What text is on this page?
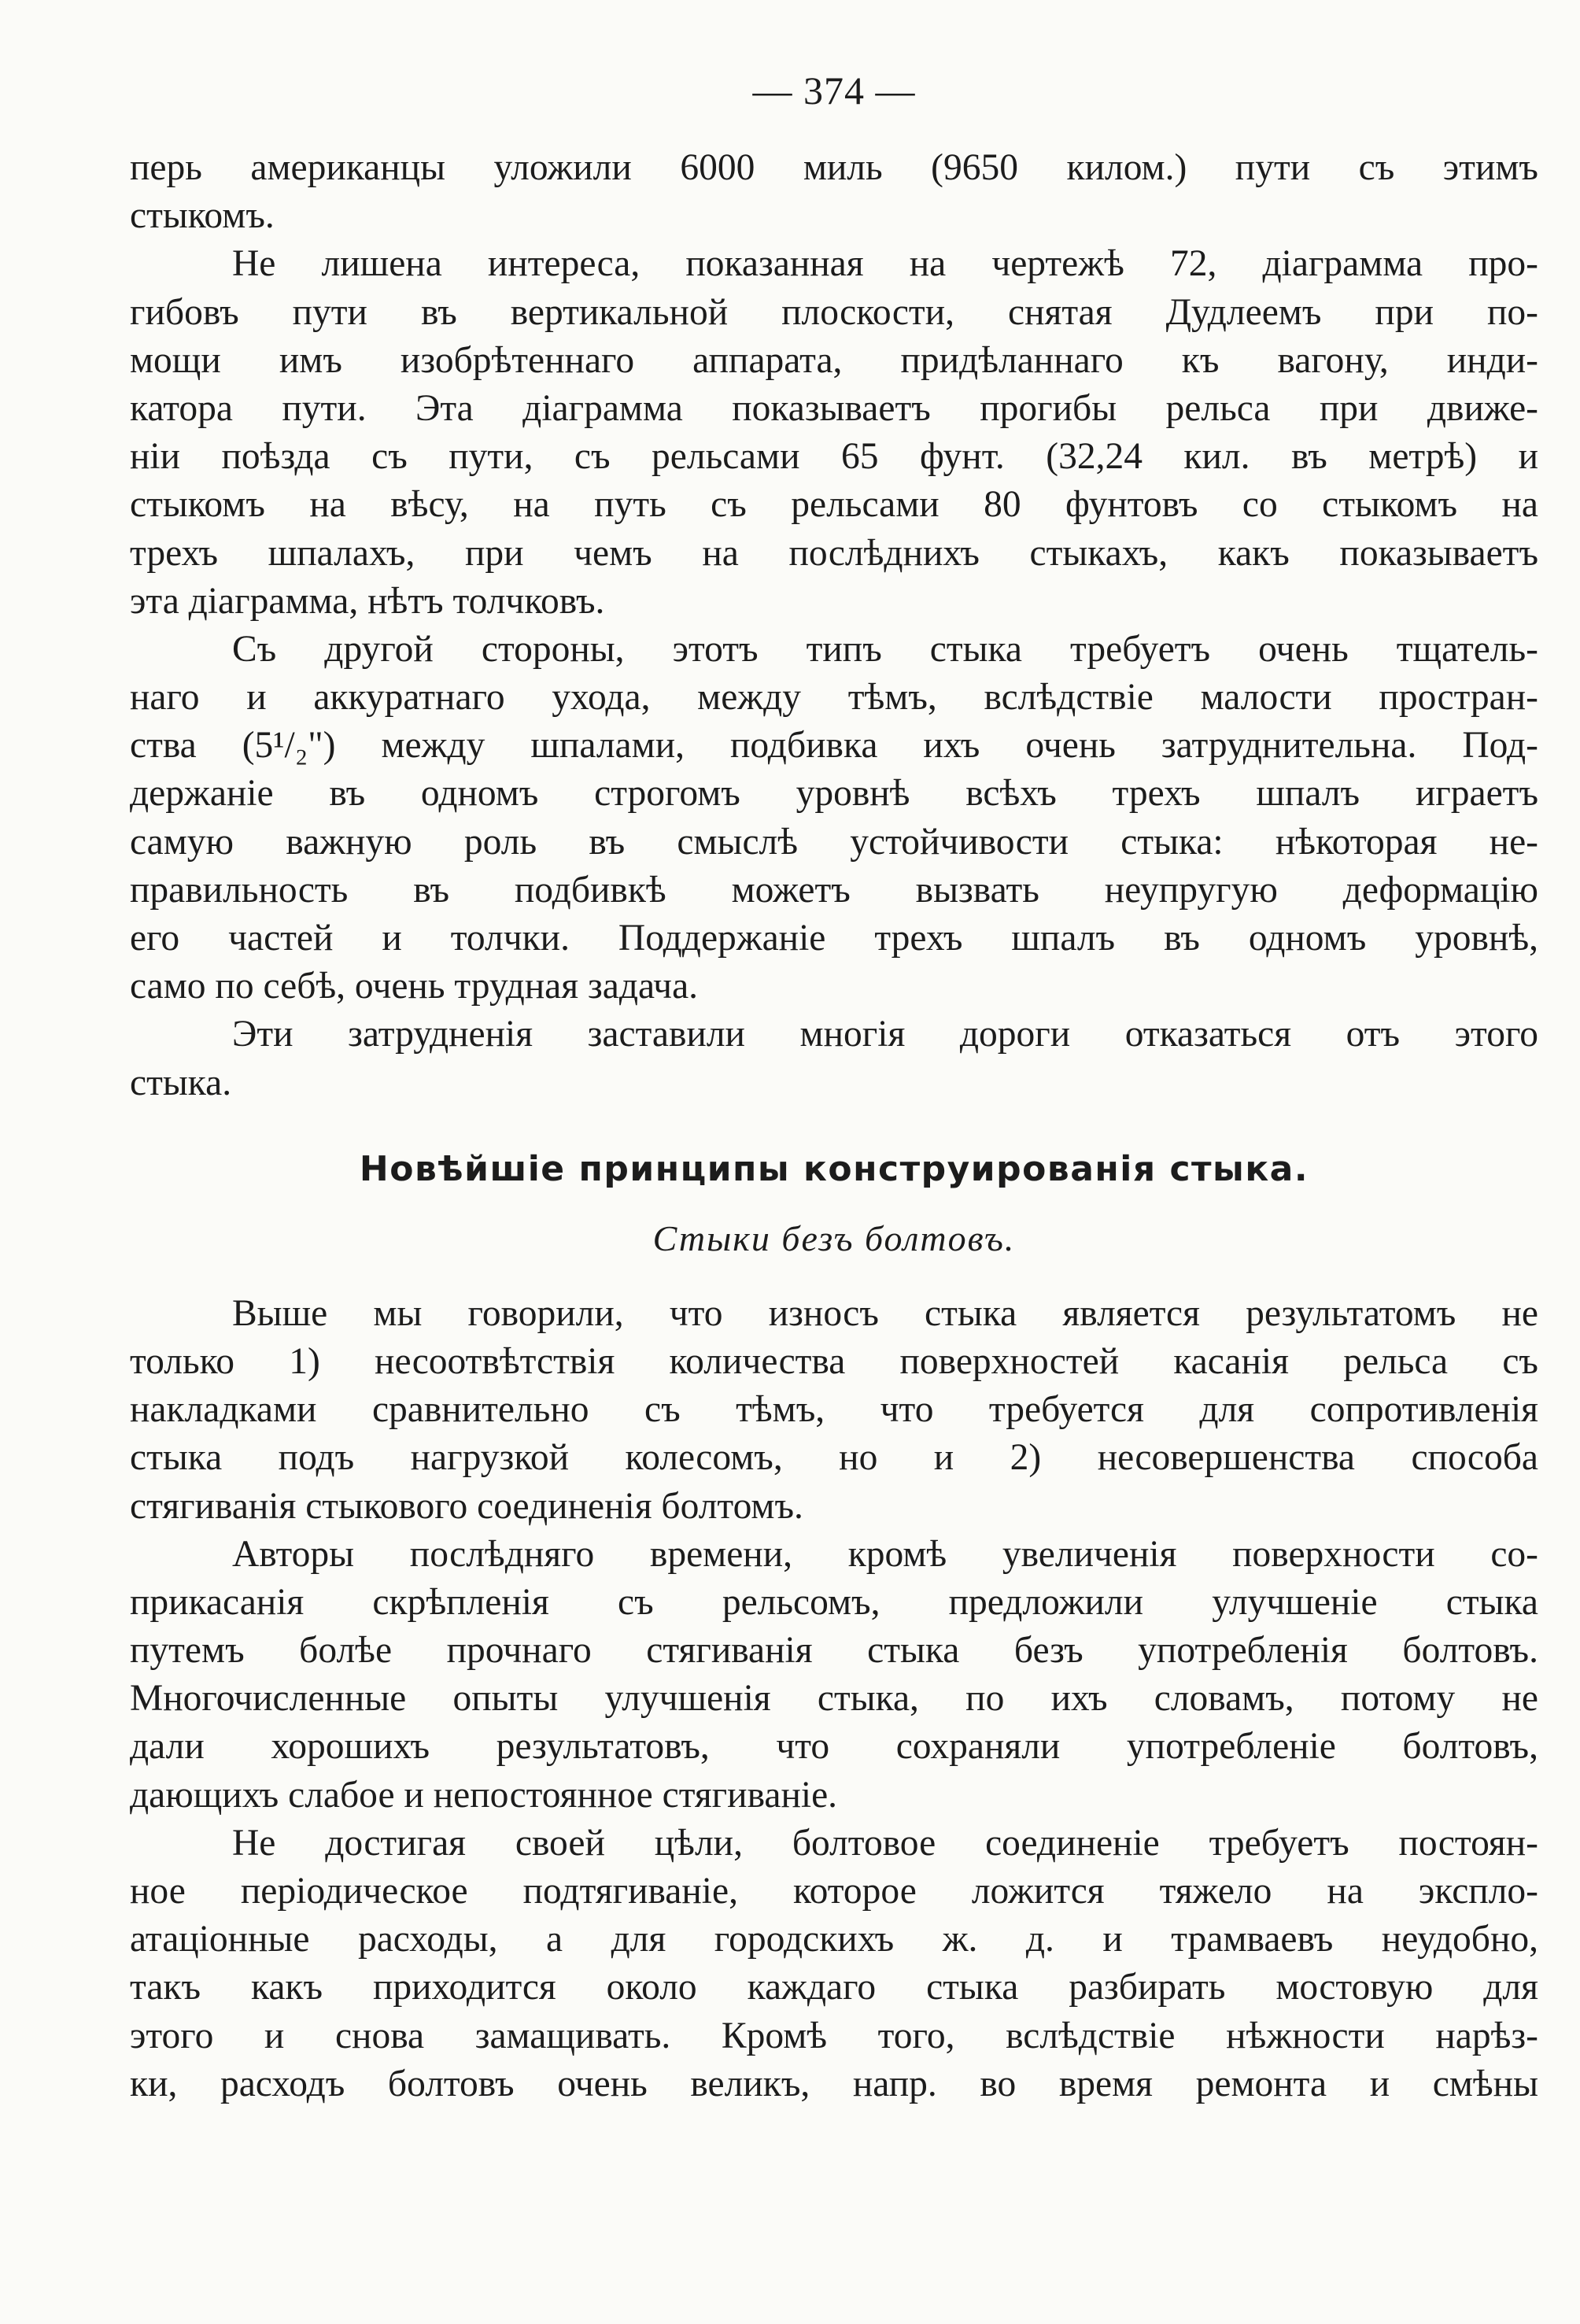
— 374 —
перь американцы уложили 6000 миль (9650 килом.) пути съ этимъ
стыкомъ.
Не лишена интереса, показанная на чертежѣ 72, діаграмма про-
гибовъ пути въ вертикальной плоскости, снятая Дудлеемъ при по-
мощи имъ изобрѣтеннаго аппарата, придѣланнаго къ вагону, инди-
катора пути. Эта діаграмма показываетъ прогибы рельса при движе-
ніи поѣзда съ пути, съ рельсами 65 фунт. (32,24 кил. въ метрѣ) и
стыкомъ на вѣсу, на путь съ рельсами 80 фунтовъ со стыкомъ на
трехъ шпалахъ, при чемъ на послѣднихъ стыкахъ, какъ показываетъ
эта діаграмма, нѣтъ толчковъ.
Съ другой стороны, этотъ типъ стыка требуетъ очень тщатель-
наго и аккуратнаго ухода, между тѣмъ, вслѣдствіе малости простран-
ства (5¹/₂") между шпалами, подбивка ихъ очень затруднительна. Под-
держаніе въ одномъ строгомъ уровнѣ всѣхъ трехъ шпалъ играетъ
самую важную роль въ смыслѣ устойчивости стыка: нѣкоторая не-
правильность въ подбивкѣ можетъ вызвать неупругую деформацію
его частей и толчки. Поддержаніе трехъ шпалъ въ одномъ уровнѣ,
само по себѣ, очень трудная задача.
Эти затрудненія заставили многія дороги отказаться отъ этого
стыка.
Новѣйшіе принципы конструированія стыка.
Стыки безъ болтовъ.
Выше мы говорили, что износъ стыка является результатомъ не
только 1) несоотвѣтствія количества поверхностей касанія рельса съ
накладками сравнительно съ тѣмъ, что требуется для сопротивленія
стыка подъ нагрузкой колесомъ, но и 2) несовершенства способа
стягиванія стыкового соединенія болтомъ.
Авторы послѣдняго времени, кромѣ увеличенія поверхности со-
прикасанія скрѣпленія съ рельсомъ, предложили улучшеніе стыка
путемъ болѣе прочнаго стягиванія стыка безъ употребленія болтовъ.
Многочисленные опыты улучшенія стыка, по ихъ словамъ, потому не
дали хорошихъ результатовъ, что сохраняли употребленіе болтовъ,
дающихъ слабое и непостоянное стягиваніе.
Не достигая своей цѣли, болтовое соединеніе требуетъ постоян-
ное періодическое подтягиваніе, которое ложится тяжело на эксплo-
атаціонные расходы, а для городскихъ ж. д. и трамваевъ неудобно,
такъ какъ приходится около каждаго стыка разбирать мостовую для
этого и снова замащивать. Кромѣ того, вслѣдствіе нѣжности нарѣз-
ки, расходъ болтовъ очень великъ, напр. во время ремонта и смѣны
